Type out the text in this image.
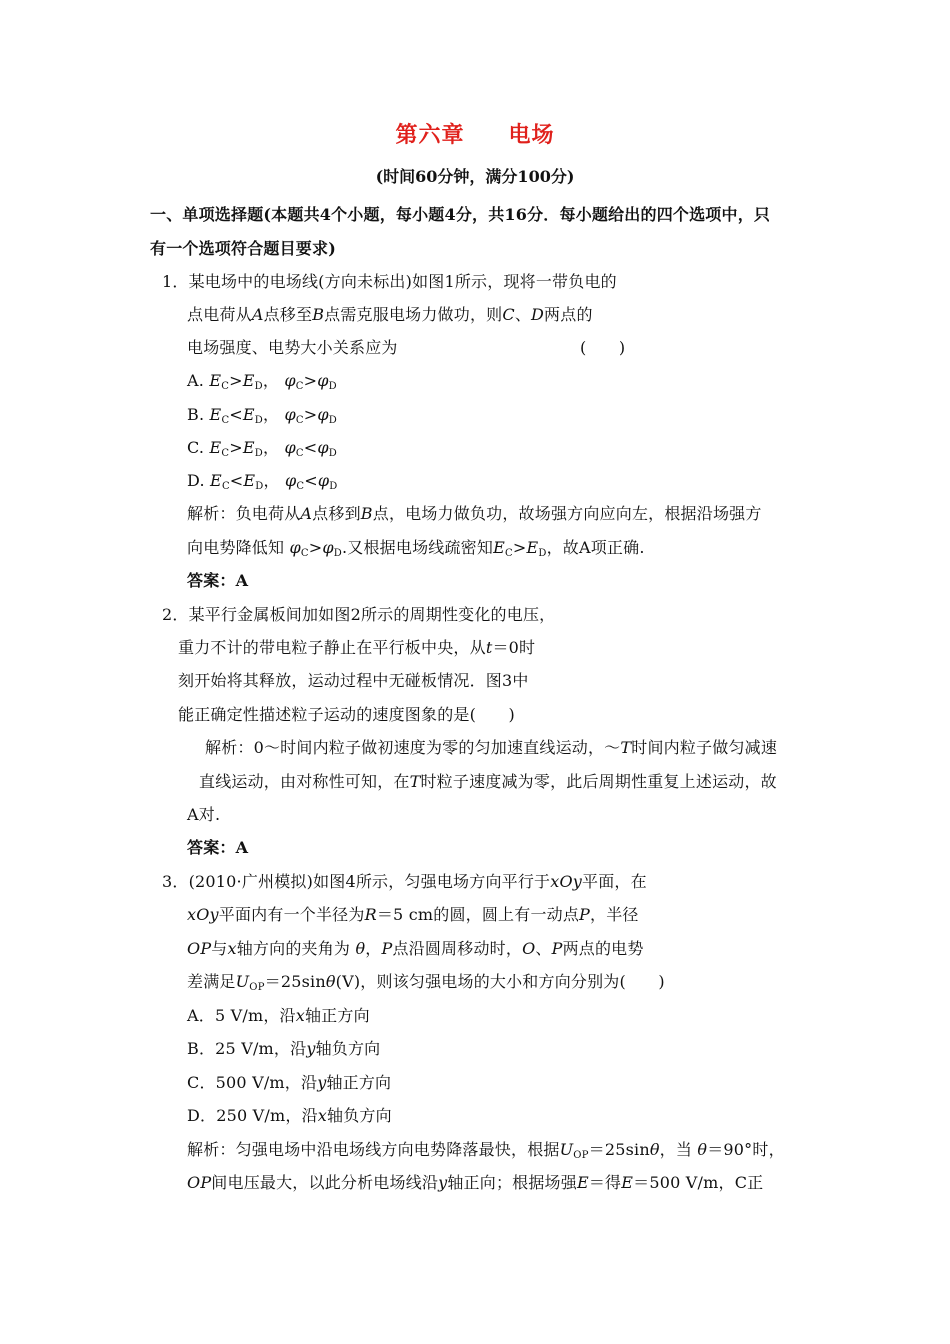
第六章 电场
(时间60分钟，满分100分)
一、单项选择题(本题共4个小题，每小题4分，共16分．每小题给出的四个选项中，只
有一个选项符合题目要求)
1．某电场中的电场线(方向未标出)如图1所示，现将一带负电的
点电荷从A点移至B点需克服电场力做功，则C、D两点的
电场强度、电势大小关系应为	(　　)
A. $E_C>E_D$， $\varphi_C>\varphi_D$
B. $E_C<E_D$， $\varphi_C>\varphi_D$
C. $E_C>E_D$， $\varphi_C<\varphi_D$
D. $E_C<E_D$， $\varphi_C<\varphi_D$
解析：负电荷从A点移到B点，电场力做负功，故场强方向应向左，根据沿场强方
向电势降低知 $\varphi_C>\varphi_D$.又根据电场线疏密知$E_C>E_D$，故A项正确.
答案：A
2．某平行金属板间加如图2所示的周期性变化的电压，
重力不计的带电粒子静止在平行板中央，从t＝0时
刻开始将其释放，运动过程中无碰板情况．图3中
能正确定性描述粒子运动的速度图象的是(　　)
解析：0～时间内粒子做初速度为零的匀加速直线运动，～T时间内粒子做匀减速
直线运动，由对称性可知，在T时粒子速度减为零，此后周期性重复上述运动，故
A对.
答案：A
3．(2010·广州模拟)如图4所示，匀强电场方向平行于xOy平面，在
xOy平面内有一个半径为R＝5 cm的圆，圆上有一动点P，半径
OP与x轴方向的夹角为 θ，P点沿圆周移动时，O、P两点的电势
差满足$U_{OP}=25\sin\theta(V)$，则该匀强电场的大小和方向分别为(　　)
A．5 V/m，沿x轴正方向
B．25 V/m，沿y轴负方向
C．500 V/m，沿y轴正方向
D．250 V/m，沿x轴负方向
解析：匀强电场中沿电场线方向电势降落最快，根据$U_{OP}=25\sin\theta$，当 θ＝90°时，
OP间电压最大，以此分析电场线沿y轴正向；根据场强E＝得E＝500 V/m，C正
